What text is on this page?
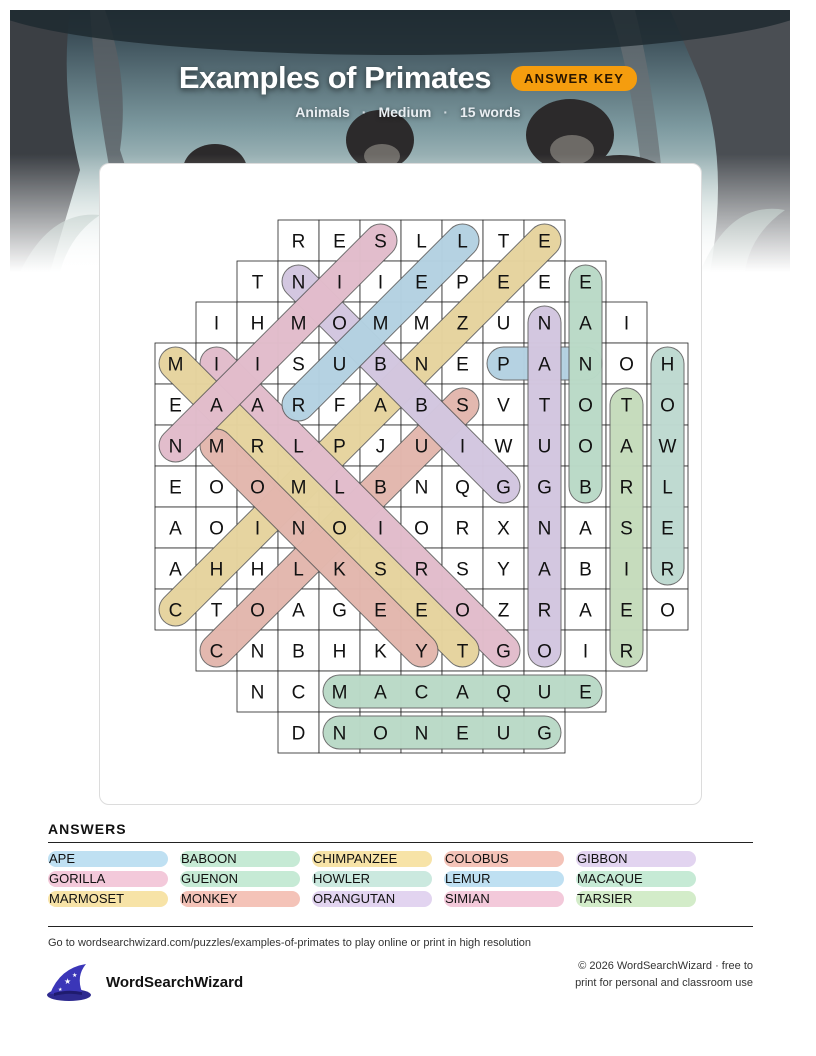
Examples of Primates	ANSWER KEY
Animals · Medium · 15 words
R E S L L T E
T N I I E P E E E
I H M O M M Z U N A I
M I I S U B N E P A N O H
E A A R F A B S V T O T O
N M R L P J U I W U O A W
E O O M L B N Q G G B R L
A O I N O I O R X N A S E
A H H L K S R S Y A B I R
C T O A G E E O Z R A E O
C N B H K Y T G O I R
N C M A C A Q U E
D N O N E U G
ANSWERS
APE	BABOON	CHIMPANZEE	COLOBUS	GIBBON
GORILLA	GUENON	HOWLER	LEMUR	MACAQUE
MARMOSET	MONKEY	ORANGUTAN	SIMIAN	TARSIER
Go to wordsearchwizard.com/puzzles/examples-of-primates to play online or print in high resolution
★
★
★	WordSearchWizard
© 2026 WordSearchWizard · free to print for personal and classroom use
